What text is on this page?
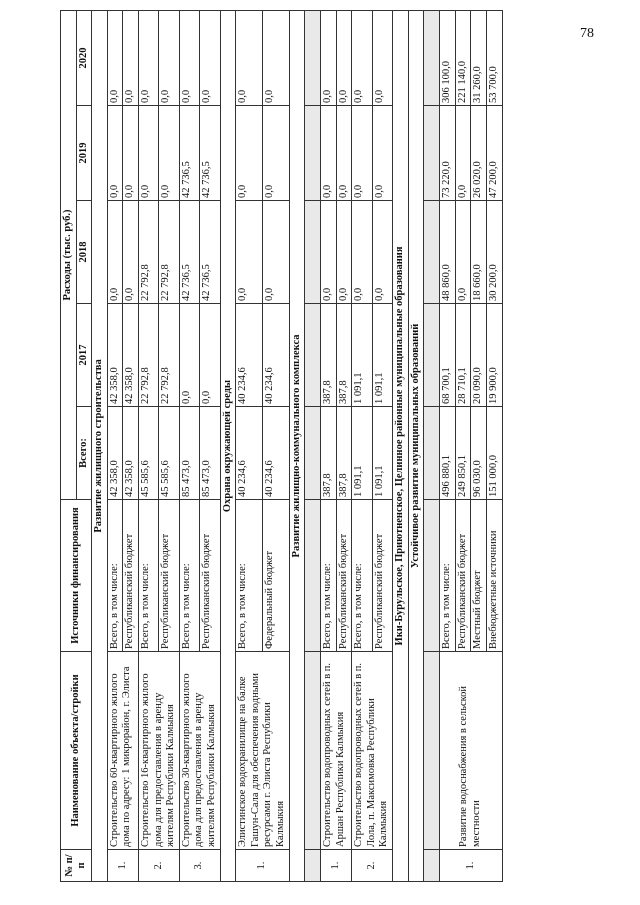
78
№ п/п	Наименование объекта/стройки	Источники финансирования	Расходы (тыс. руб.)				
			Всего:	2017	2018	2019	2020
Развитие жилищного строительства							
1.	Строительство 60-квартирного жилого дома по адресу: 1 микрорайон, г. Элиста	Всего, в том числе:	42 358,0	42 358,0	0,0	0,0	0,0
		Республиканский бюджет	42 358,0	42 358,0	0,0	0,0	0,0
2.	Строительство 16-квартирного жилого дома для предоставления в аренду жителям Республики Калмыкия	Всего, в том числе:	45 585,6	22 792,8	22 792,8	0,0	0,0
		Республиканский бюджет	45 585,6	22 792,8	22 792,8	0,0	0,0
3.	Строительство 30-квартирного жилого дома для предоставления в аренду жителям Республики Калмыкия	Всего, в том числе:	85 473,0	0,0	42 736,5	42 736,5	0,0
		Республиканский бюджет	85 473,0	0,0	42 736,5	42 736,5	0,0
Охрана окружающей среды							
1.	Элистинское водохранилище на балке Гашун-Сала для обеспечения водными ресурсами г. Элиста Республики Калмыкия	Всего, в том числе:	40 234,6	40 234,6	0,0	0,0	0,0
		Федеральный бюджет	40 234,6	40 234,6	0,0	0,0	0,0
Развитие жилищно-коммунального комплекса							

1.	Строительство водопроводных сетей в п. Аршан Республики Калмыкия	Всего, в том числе:	387,8	387,8	0,0	0,0	0,0
		Республиканский бюджет	387,8	387,8	0,0	0,0	0,0
2.	Строительство водопроводных сетей в п. Лола, п. Максимовка Республики Калмыкия	Всего, в том числе:	1 091,1	1 091,1	0,0	0,0	0,0
		Республиканский бюджет	1 091,1	1 091,1	0,0	0,0	0,0
Ики-Бурульское, Приютненское, Целинное районные муниципальные образования							
Устойчивое развитие муниципальных образований							

1.	Развитие водоснабжения в сельской местности	Всего, в том числе:	496 880,1	68 700,1	48 860,0	73 220,0	306 100,0
		Республиканский бюджет	249 850,1	28 710,1	0,0	0,0	221 140,0
		Местный бюджет	96 030,0	20 090,0	18 660,0	26 020,0	31 260,0
		Внебюджетные источники	151 000,0	19 900,0	30 200,0	47 200,0	53 700,0
